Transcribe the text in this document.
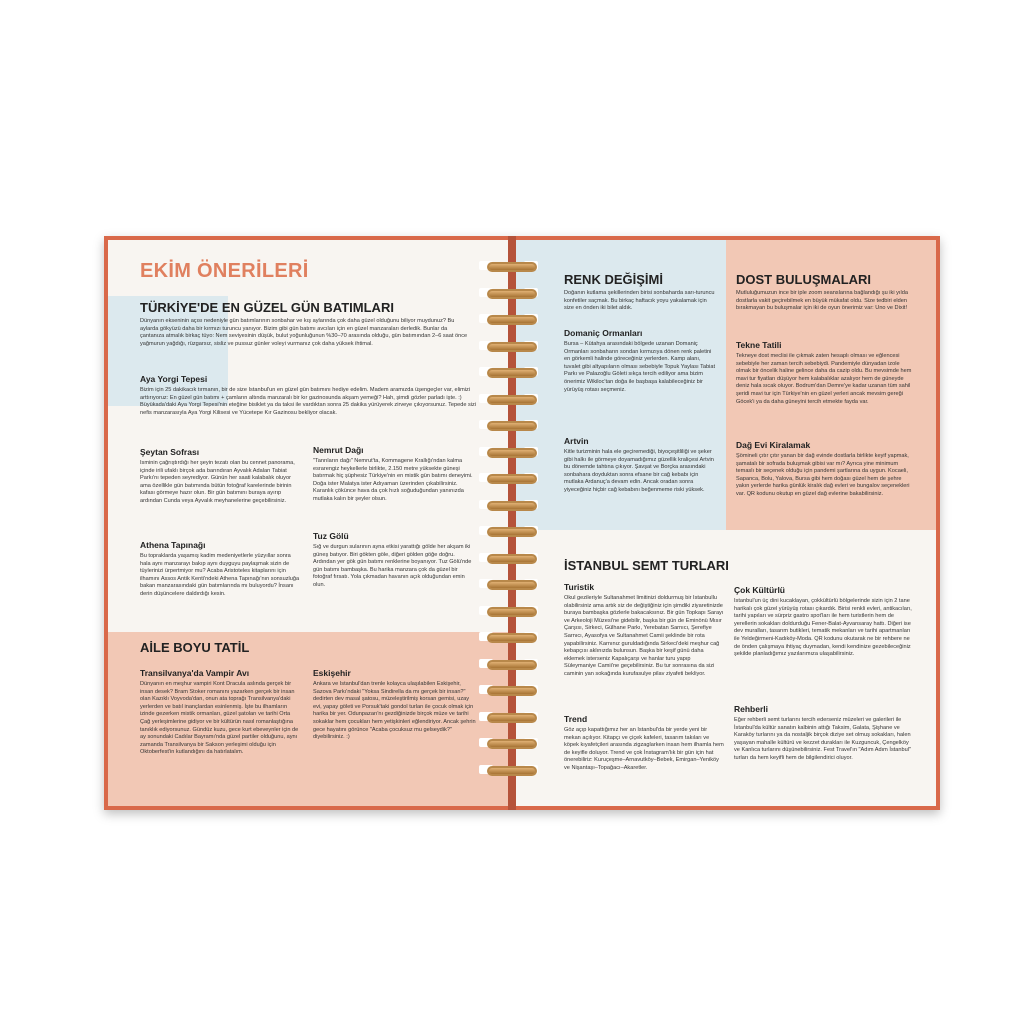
EKİM ÖNERİLERİ
TÜRKİYE'DE EN GÜZEL GÜN BATIMLARI
Dünyanın ekseninin açısı nedeniyle gün batımlarının sonbahar ve kış aylarında çok daha güzel olduğunu biliyor muydunuz? Bu aylarda gökyüzü daha bir kırmızı turuncu yanıyor. Bizim gibi gün batımı avcıları için en güzel manzaraları derledik. Bunlar da çantanıza atmalık birkaç tüyo: Nem seviyesinin düşük, bulut yoğunluğunun %30–70 arasında olduğu, gün batımından 2–6 saat önce yağmurun yağdığı, rüzgarsız, sisliz ve pussuz günler voleyi vurmanız çok daha yüksek ihtimal.
Aya Yorgi Tepesi
Bizim için 25 dakikacık tırmanın, bir de size İstanbul'un en güzel gün batımını hediye edelim. Madem aramızda üşengeçler var, elimizi arttırıyoruz: En güzel gün batımı + çamların altında manzaralı bir kır gazinosunda akşam yemeği? Hah, şimdi gözler parladı işte. :) Büyükada'daki Aya Yorgi Tepesi'nin eteğine bisiklet ya da taksi ile vardıktan sonra 25 dakika yürüyerek zirveye çıkıyorsunuz. Tepede sizi nefis manzarasıyla Aya Yorgi Kilisesi ve Yücetepe Kır Gazinosu bekliyor olacak.
Şeytan Sofrası
İsminin çağrıştırdığı her şeyin tezatı olan bu cennet panorama, içinde irili ufaklı birçok ada barındıran Ayvalık Adaları Tabiat Parkı'nı tepeden seyrediyor. Günün her saati kalabalık oluyor ama özellikle gün batımında bütün fotoğraf karelerinde birinin kafası görmeye hazır olun. Bir gün batımını buraya ayırıp ardından Cunda veya Ayvalık meyhanelerine geçebilirsiniz.
Nemrut Dağı
"Tanrıların dağı" Nemrut'ta, Kommagene Krallığı'ndan kalma esrarengiz heykellerle birlikte, 2.150 metre yüksekte güneşi batırmak hiç şüphesiz Türkiye'nin en mistik gün batımı deneyimi. Doğa ister Malatya ister Adıyaman üzerinden çıkabilirsiniz. Karanlık çökünce hava da çok hızlı soğuduğundan yanınızda mutlaka kalın bir şeyler olsun.
Athena Tapınağı
Bu topraklarda yaşamış kadim medeniyetlerle yüzyıllar sonra hala aynı manzarayı bakıp aynı duyguyu paylaşmak sizin de tüylerinizi ürpertmiyor mu? Acaba Aristoteles kitaplarını için ilhamını Assos Antik Kenti'ndeki Athena Tapınağı'nın sonsuzluğa bakan manzarasındaki gün batımlarında mı buluyordu? İnsanı derin düşüncelere daldırdığı kesin.
Tuz Gölü
Sığ ve durgun sularının ayna etkisi yarattığı gölde her akşam iki güneş batıyor. Biri gökten göle, diğeri gölden göğe doğru. Ardından yer gök gün batımı renklerine boyanıyor. Tuz Gölü'nde gün batımı bambaşka. Bu harika manzara çok da güzel bir fotoğraf fırsatı. Yola çıkmadan havanın açık olduğundan emin olun.
AİLE BOYU TATİL
Transilvanya'da Vampir Avı
Dünyanın en meşhur vampiri Kont Dracula aslında gerçek bir insan desek? Bram Stoker romanını yazarken gerçek bir insan olan Kazıklı Voyvoda'dan, onun ata toprağı Transilvanya'daki yerlerden ve batıl inançlardan esinlenmiş. İşte bu ilhamların izinde gezerken mistik ormanları, güzel şatoları ve tarihi Orta Çağ yerleşimlerine gidiyor ve bir kültürün nasıl romanlaştığına tanıklık ediyorsunuz. Gündüz kuzu, gece kurt ebeveynler için de ay sonundaki Cadılar Bayramı'nda güzel partiler olduğunu, aynı zamanda Transilvanya bir Sakson yerleşimi olduğu için Oktoberfest'in kutlandığını da hatırlatalım.
Eskişehir
Ankara ve İstanbul'dan trenle kolayca ulaşılabilen Eskişehir, Sazova Parkı'ndaki "Yoksa Sindirella da mı gerçek bir insan?" dedirten dev masal şatosu, müzeleştirilmiş korsan gemisi, uzay evi, yapay göleti ve Porsuk'taki gondol turları ile çocuk olmak için harika bir yer. Odunpazarı'nı gezdiğinizde birçok müze ve tarihi sokaklar hem çocukları hem yetişkinleri eğlendiriyor. Ancak şehrin gece hayatını görünce "Acaba çocuksuz mu gelseydik?" diyebilirsiniz. :)
RENK DEĞİŞİMİ
Doğanın kutlama şekillerinden birisi sonbaharda sarı-turuncu konfetiler saçmak. Bu birkaç haftacık yoyu yakalamak için size en önden iki bilet aldık.
Domaniç Ormanları
Bursa – Kütahya arasındaki bölgede uzanan Domaniç Ormanları sonbaharın sondan kırmızıya dönen renk paletini en görkemli halinde göreceğiniz yerlerden. Kamp alanı, tuvalet gibi altyapıların olması sebebiyle Topuk Yaylası Tabiat Parkı ve Palazoğlu Göleti sıkça tercih ediliyor ama bizim önerimiz Wikiloc'tan doğa ile başbaşa kalabileceğiniz bir yürüyüş rotası seçmeniz.
Artvin
Kitle turizminin hala ele geçiremediği, biyoçeşitliliği ve şeker gibi halkı ile görmeye doyamadığımız güzellik kraliçesi Artvin bu dönemde tahtına çıkıyor. Şavşat ve Borçka arasındaki sonbahara doyduktan sonra efsane bir cağ kebabı için mutlaka Ardanuç'a devam edin. Ancak oradan sonra yiyeceğiniz hiçbir cağ kebabını beğenmeme riski yüksek.
DOST BULUŞMALARI
Mutluluğumuzun ince bir iple zoom seanslarına bağlandığı şu iki yılda dostlarla vakit geçirebilmek en büyük mükafat oldu. Size tedbiri elden bırakmayan bu buluşmalar için iki de oyun önerimiz var: Uno ve Dixit!
Tekne Tatili
Tekneye dost meclisi ile çıkmak zaten hesaplı olması ve eğlencesi sebebiyle her zaman tercih sebebiydi. Pandemiyle dünyadan izole olmak bir öncelik haline gelince daha da cazip oldu. Bu mevsimde hem mavi tur fiyatları düşüyor hem kalabalıklar azalıyor hem de güneyde deniz hala sıcak oluyor. Bodrum'dan Demre'ye kadar uzanan tüm sahil şeridi mavi tur için Türkiye'nin en güzel yerleri ancak mevsim gereği Göcek'i ya da daha güneyini tercih etmekte fayda var.
Dağ Evi Kiralamak
Şömineli çıtır çıtır yanan bir dağ evinde dostlarla birlikte keyif yapmak, şamatalı bir sofrada buluşmak gibisi var mı? Ayrıca yine minimum temaslı bir seçenek olduğu için pandemi şartlarına da uygun. Kocaeli, Sapanca, Bolu, Yalova, Bursa gibi hem doğası güzel hem de şehre yakın yerlerde harika günlük kiralık dağ evleri ve bungalov seçenekleri var. QR kodunu okutup en güzel dağ evlerine bakabilirsiniz.
İSTANBUL SEMT TURLARI
Turistik
Okul gezileriyle Sultanahmet limitinizi doldurmuş bir İstanbullu olabilirsiniz ama artık siz de değiştiğiniz için şimdiki ziyaretinizde buraya bambaşka gözlerle bakacaksınız. Bir gün Topkapı Sarayı ve Arkeoloji Müzesi'ne gidebilir, başka bir gün de Eminönü Mısır Çarşısı, Sirkeci, Gülhane Parkı, Yerebatan Sarnıcı, Şerefiye Sarnıcı, Ayasofya ve Sultanahmet Camii şeklinde bir rota yapabilirsiniz. Karnınız guruldadığında Sirkeci'deki meşhur cağ kebapçısı aklınızda bulunsun. Başka bir keşif günü daha eklemek isterseniz Kapalıçarşı ve hanlar turu yapıp Süleymaniye Camii'ne geçebilirsiniz. Bu tur sonrasına da sizi caminin yan sokağında kurufasulye pilav ziyafeti bekliyor.
Trend
Göz açıp kapattığımız her an İstanbul'da bir yerde yeni bir mekan açılıyor. Kitapçı ve çiçek kafeleri, tasarım takıları ve köpek kıyafetçileri arasında zigzaglarken insan hem ilhamla hem de keyifle doluyor. Trend ve çok İnstagram'lık bir gün için hat önerebiliriz: Kuruçeşme–Arnavutköy–Bebek, Emirgan–Yeniköy ve Nişantaşı–Topağacı–Akaretler.
Çok Kültürlü
İstanbul'un üç dini kucaklayan, çokkültürlü bölgelerinde sizin için 2 tane harikalı çok güzel yürüyüş rotası çıkardık. Birisi renkli evleri, antikacıları, tarihi yapıları ve sürpriz gastro spot'ları ile hem turistlerin hem de yerellerin sokakları doldurduğu Fener-Balat-Ayvansaray hattı. Diğeri ise dev muralları, tasarım butikleri, tematik mekanları ve tarihi apartmanları ile Yeldeğirmeni-Kadıköy-Moda. QR kodunu okutarak ne bir rehbere ne de önden çalışmaya ihtiyaç duymadan, kendi kendinize gezebileceğiniz şekilde planladığımız yazılarımıza ulaşabilirsiniz.
Rehberli
Eğer rehberli semt turlarını tercih ederseniz müzeleri ve galerileri ile İstanbul'da kültür sanatın kalbinin attığı Taksim, Galata, Şişhane ve Karaköy turlarını ya da nostaljik birçok diziye set olmuş sokakları, halen yaşayan mahalle kültürü ve kezzet durakları ile Kuzguncuk, Çengelköy ve Kanlıca turlarını düşünebilirsiniz. Fest Travel'ın "Adım Adım İstanbul" turları da hem keyifli hem de bilgilendirici oluyor.
